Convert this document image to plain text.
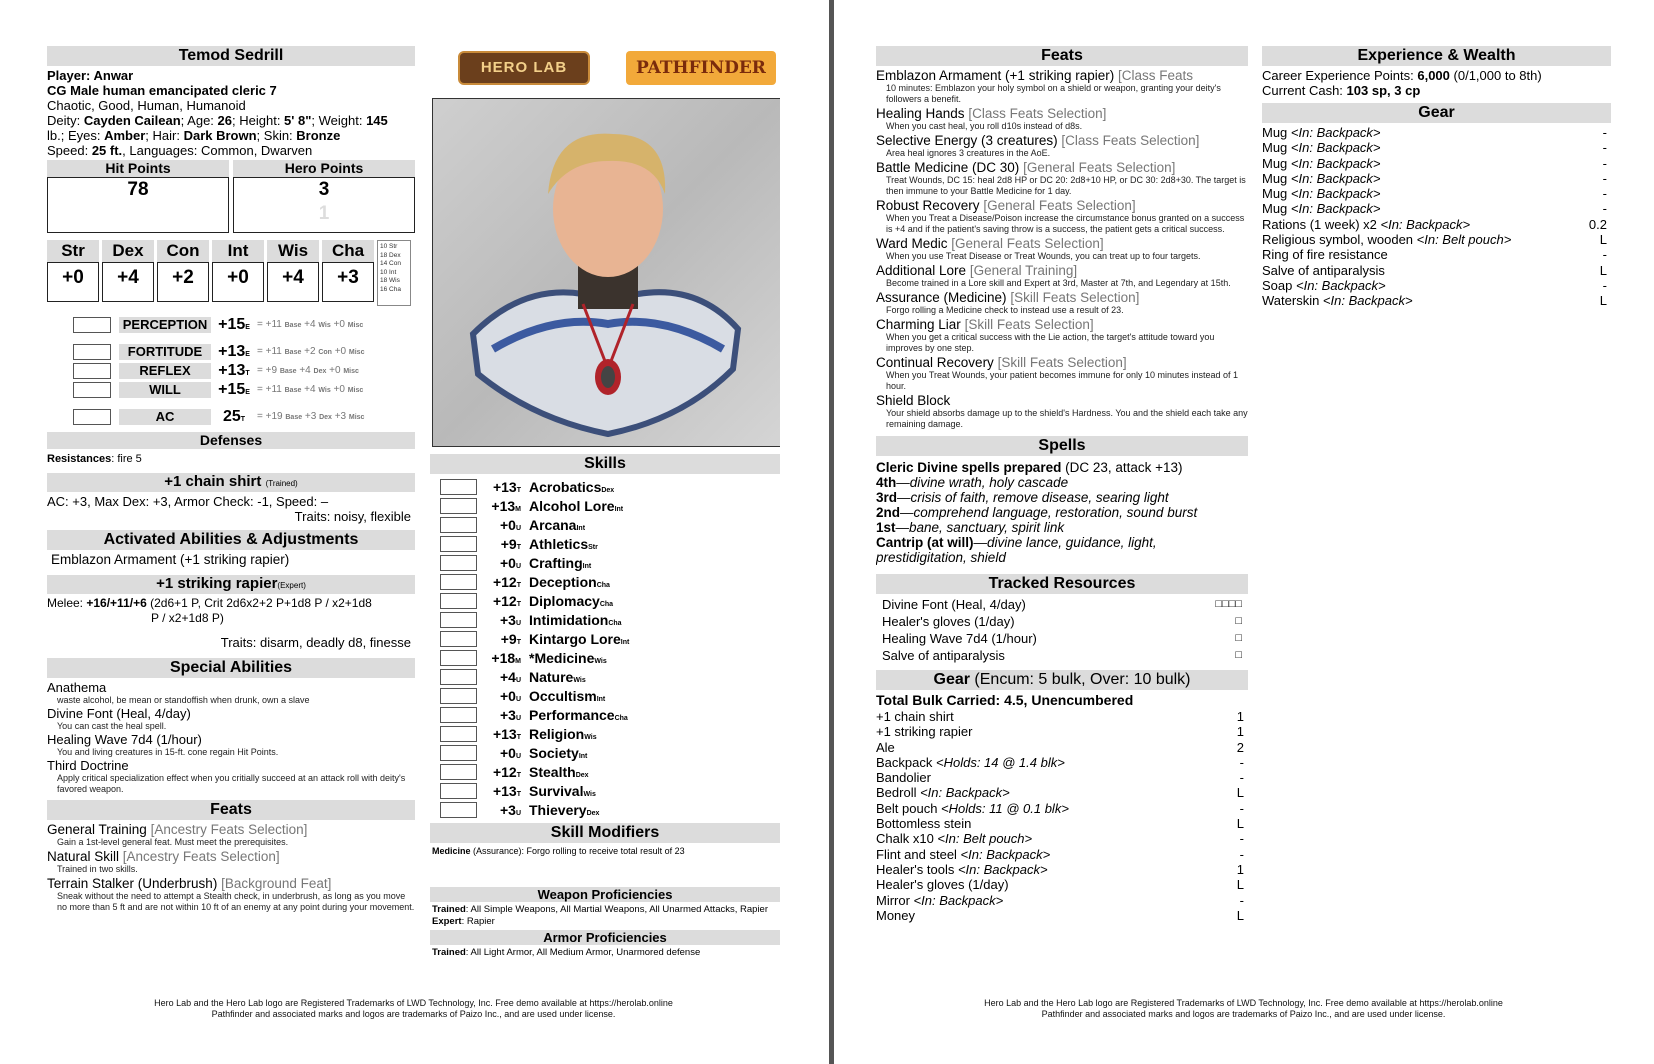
Temod Sedrill
Player: Anwar
CG Male human emancipated cleric 7
Chaotic, Good, Human, Humanoid
Deity: Cayden Cailean; Age: 26; Height: 5' 8"; Weight: 145
lb.; Eyes: Amber; Hair: Dark Brown; Skin: Bronze
Speed: 25 ft., Languages: Common, Dwarven
Hit Points
78
Hero Points
3
1
Str
+0
Dex
+4
Con
+2
Int
+0
Wis
+4
Cha
+3
10 Str
18 Dex
14 Con
10 Int
18 Wis
16 Cha
PERCEPTION +15E = +11 Base +4 Wis +0 Misc
FORTITUDE +13E = +11 Base +2 Con +0 Misc
REFLEX	+13T = +9 Base +4 Dex +0 Misc
WILL	+15E = +11 Base +4 Wis +0 Misc
AC	25T	= +19 Base +3 Dex +3 Misc
Defenses
Resistances: fire 5
+1 chain shirt (Trained)
AC: +3, Max Dex: +3, Armor Check: -1, Speed: –
Traits: noisy, flexible
Activated Abilities & Adjustments
Emblazon Armament (+1 striking rapier)
+1 striking rapier(Expert)
Melee: +16/+11/+6 (2d6+1 P, Crit 2d6x2+2 P+1d8 P / x2+1d8
P / x2+1d8 P)
Traits: disarm, deadly d8, finesse
Special Abilities
Anathema
waste alcohol, be mean or standoffish when drunk, own a slave
Divine Font (Heal, 4/day)
You can cast the heal spell.
Healing Wave 7d4 (1/hour)
You and living creatures in 15-ft. cone regain Hit Points.
Third Doctrine
Apply critical specialization effect when you critially succeed at an attack roll with deity's favored weapon.
Feats
General Training [Ancestry Feats Selection]
Gain a 1st-level general feat. Must meet the prerequisites.
Natural Skill [Ancestry Feats Selection]
Trained in two skills.
Terrain Stalker (Underbrush) [Background Feat]
Sneak without the need to attempt a Stealth check, in underbrush, as long as you move no more than 5 ft and are not within 10 ft of an enemy at any point during your movement.
HERO LAB	PATHFINDER
Skills
+13T AcrobaticsDex
+13M Alcohol LoreInt
+0U ArcanaInt
+9T AthleticsStr
+0U CraftingInt
+12T DeceptionCha
+12T DiplomacyCha
+3U IntimidationCha
+9T Kintargo LoreInt
+18M *MedicineWis
+4U NatureWis
+0U OccultismInt
+3U PerformanceCha
+13T ReligionWis
+0U SocietyInt
+12T StealthDex
+13T SurvivalWis
+3U ThieveryDex
Skill Modifiers
Medicine (Assurance): Forgo rolling to receive total result of 23
Weapon Proficiencies
Trained: All Simple Weapons, All Martial Weapons, All Unarmed Attacks, Rapier
Expert: Rapier
Armor Proficiencies
Trained: All Light Armor, All Medium Armor, Unarmored defense
Hero Lab and the Hero Lab logo are Registered Trademarks of LWD Technology, Inc. Free demo available at https://herolab.online
Pathfinder and associated marks and logos are trademarks of Paizo Inc., and are used under license.
Feats
Emblazon Armament (+1 striking rapier) [Class Feats
10 minutes: Emblazon your holy symbol on a shield or weapon, granting your deity's followers a benefit.
Healing Hands [Class Feats Selection]
When you cast heal, you roll d10s instead of d8s.
Selective Energy (3 creatures) [Class Feats Selection]
Area heal ignores 3 creatures in the AoE.
Battle Medicine (DC 30) [General Feats Selection]
Treat Wounds, DC 15: heal 2d8 HP or DC 20: 2d8+10 HP, or DC 30: 2d8+30. The target is then immune to your Battle Medicine for 1 day.
Robust Recovery [General Feats Selection]
When you Treat a Disease/Poison increase the circumstance bonus granted on a success is +4 and if the patient's saving throw is a success, the patient gets a critical success.
Ward Medic [General Feats Selection]
When you use Treat Disease or Treat Wounds, you can treat up to four targets.
Additional Lore [General Training]
Become trained in a Lore skill and Expert at 3rd, Master at 7th, and Legendary at 15th.
Assurance (Medicine) [Skill Feats Selection]
Forgo rolling a Medicine check to instead use a result of 23.
Charming Liar [Skill Feats Selection]
When you get a critical success with the Lie action, the target's attitude toward you improves by one step.
Continual Recovery [Skill Feats Selection]
When you Treat Wounds, your patient becomes immune for only 10 minutes instead of 1 hour.
Shield Block
Your shield absorbs damage up to the shield's Hardness. You and the shield each take any remaining damage.
Spells
Cleric Divine spells prepared (DC 23, attack +13)
4th—divine wrath, holy cascade
3rd—crisis of faith, remove disease, searing light
2nd—comprehend language, restoration, sound burst
1st—bane, sanctuary, spirit link
Cantrip (at will)—divine lance, guidance, light, prestidigitation, shield
Tracked Resources
Divine Font (Heal, 4/day)	□□□□
Healer's gloves (1/day)	□
Healing Wave 7d4 (1/hour)	□
Salve of antiparalysis	□
Gear (Encum: 5 bulk, Over: 10 bulk)
Total Bulk Carried: 4.5, Unencumbered
+1 chain shirt	1
+1 striking rapier	1
Ale	2
Backpack <Holds: 14 @ 1.4 blk>	-
Bandolier	-
Bedroll <In: Backpack>	L
Belt pouch <Holds: 11 @ 0.1 blk>	-
Bottomless stein	L
Chalk x10 <In: Belt pouch>	-
Flint and steel <In: Backpack>	-
Healer's tools <In: Backpack>	1
Healer's gloves (1/day)	L
Mirror <In: Backpack>	-
Money	L
Experience & Wealth
Career Experience Points: 6,000 (0/1,000 to 8th)
Current Cash: 103 sp, 3 cp
Gear
Mug <In: Backpack>	-
Mug <In: Backpack>	-
Mug <In: Backpack>	-
Mug <In: Backpack>	-
Mug <In: Backpack>	-
Mug <In: Backpack>	-
Rations (1 week) x2 <In: Backpack>	0.2
Religious symbol, wooden <In: Belt pouch>	L
Ring of fire resistance	-
Salve of antiparalysis	L
Soap <In: Backpack>	-
Waterskin <In: Backpack>	L
Hero Lab and the Hero Lab logo are Registered Trademarks of LWD Technology, Inc. Free demo available at https://herolab.online
Pathfinder and associated marks and logos are trademarks of Paizo Inc., and are used under license.
